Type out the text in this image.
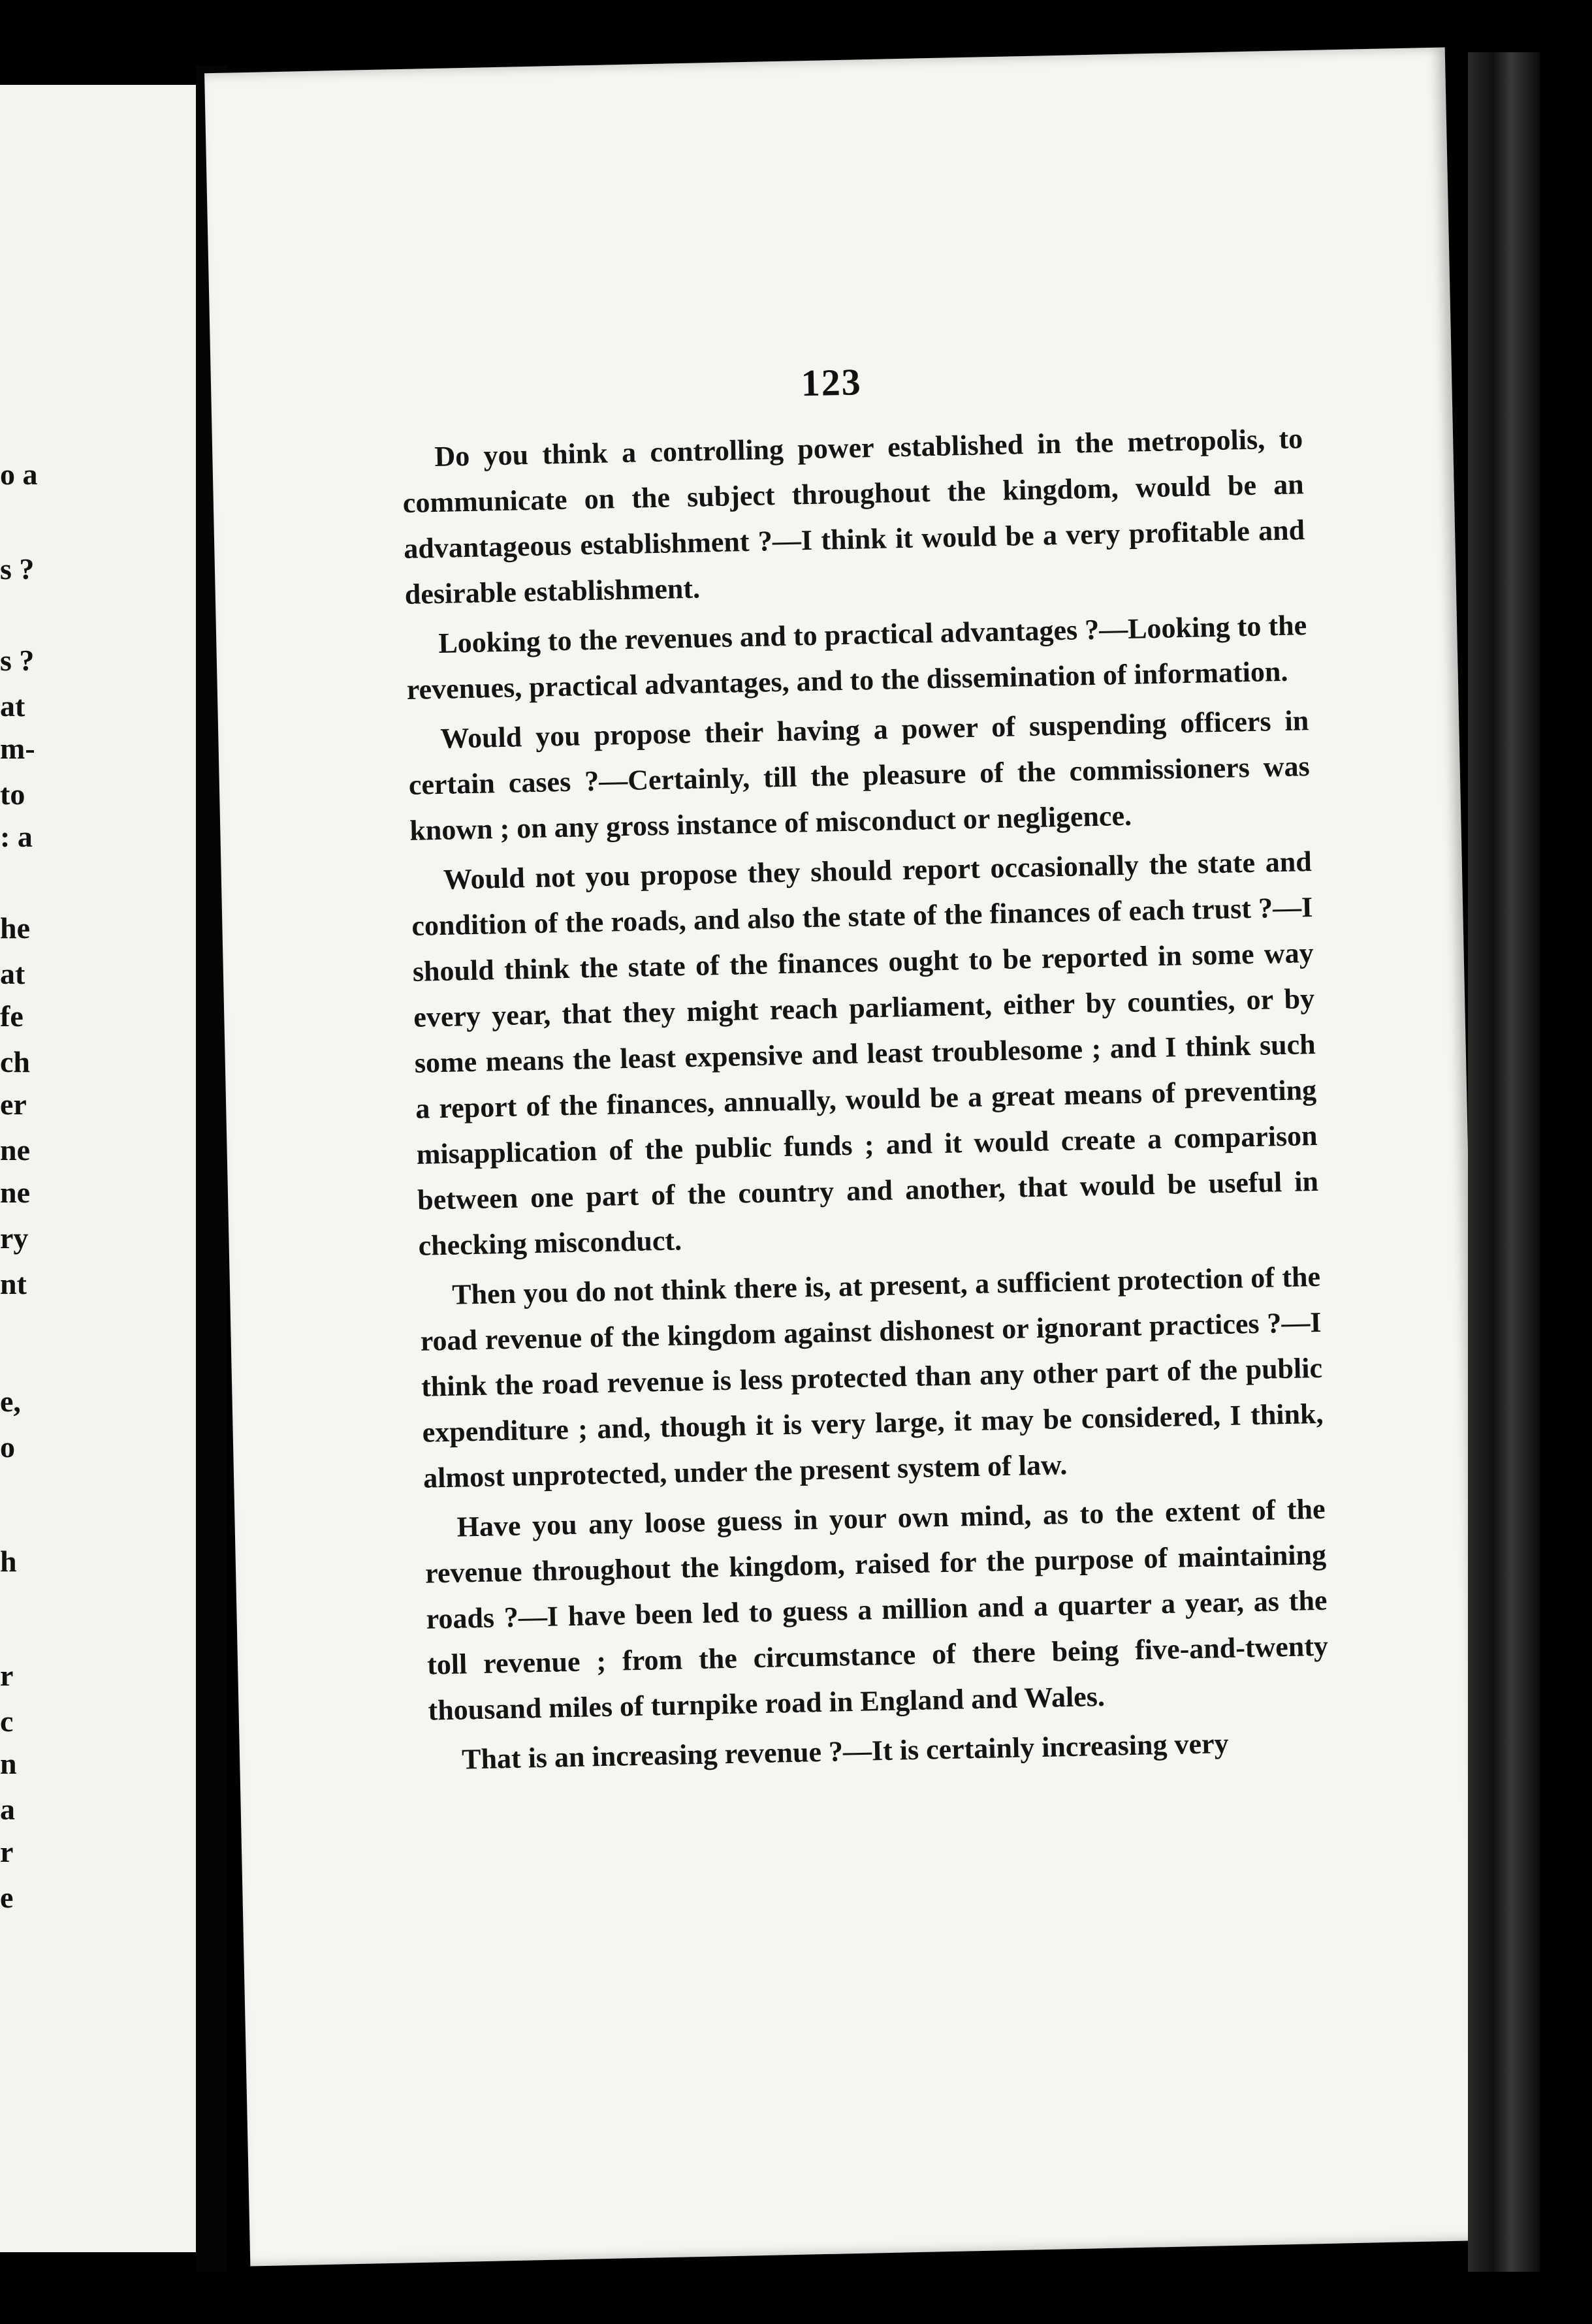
o a
s ?
s ?
at
m-
to
: a
he
at
fe
ch
er
ne
ne
ry
nt
e,
o
h
r
c
n
a
r
e
123

Do you think a controlling power established in the metropolis, to communicate on the subject throughout the kingdom, would be an advantageous establishment ?—I think it would be a very profitable and desirable establishment.

Looking to the revenues and to practical advantages ?—Looking to the revenues, practical advantages, and to the dissemination of information.

Would you propose their having a power of suspending officers in certain cases ?—Certainly, till the pleasure of the commissioners was known ; on any gross instance of misconduct or negligence.

Would not you propose they should report occasionally the state and condition of the roads, and also the state of the finances of each trust ?—I should think the state of the finances ought to be reported in some way every year, that they might reach parliament, either by counties, or by some means the least expensive and least troublesome ; and I think such a report of the finances, annually, would be a great means of preventing misapplication of the public funds ; and it would create a comparison between one part of the country and another, that would be useful in checking misconduct.

Then you do not think there is, at present, a sufficient protection of the road revenue of the kingdom against dishonest or ignorant practices ?—I think the road revenue is less protected than any other part of the public expenditure ; and, though it is very large, it may be considered, I think, almost unprotected, under the present system of law.

Have you any loose guess in your own mind, as to the extent of the revenue throughout the kingdom, raised for the purpose of maintaining roads ?—I have been led to guess a million and a quarter a year, as the toll revenue ; from the circumstance of there being five-and-twenty thousand miles of turnpike road in England and Wales.

That is an increasing revenue ?—It is certainly increasing very
